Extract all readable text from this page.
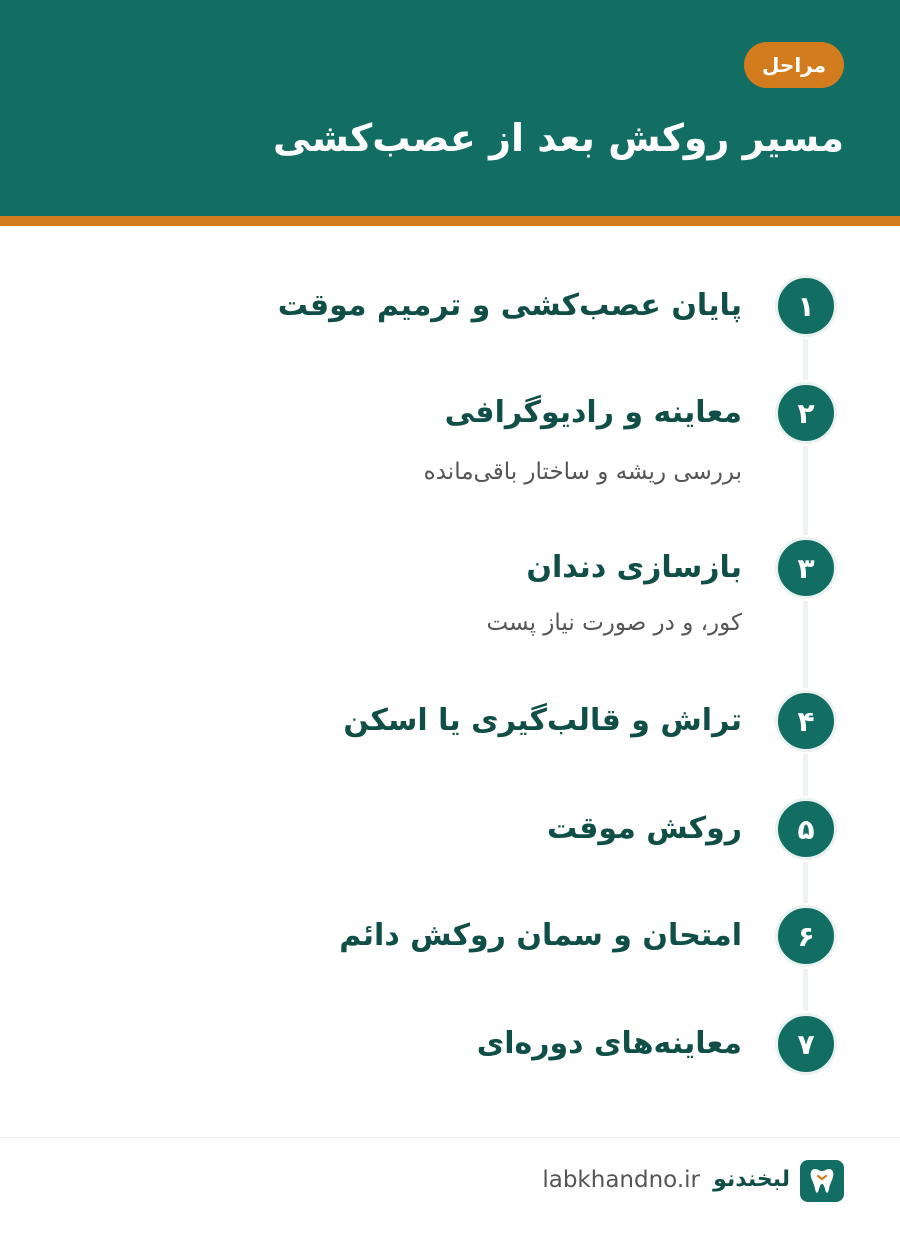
مراحل
مسیر روکش بعد از عصب‌کشی
۱
پایان عصب‌کشی و ترمیم موقت
۲
معاینه و رادیوگرافی
بررسی ریشه و ساختار باقی‌مانده
۳
بازسازی دندان
کور، و در صورت نیاز پست
۴
تراش و قالب‌گیری یا اسکن
۵
روکش موقت
۶
امتحان و سمان روکش دائم
۷
معاینه‌های دوره‌ای
لبخندنو
labkhandno.ir
